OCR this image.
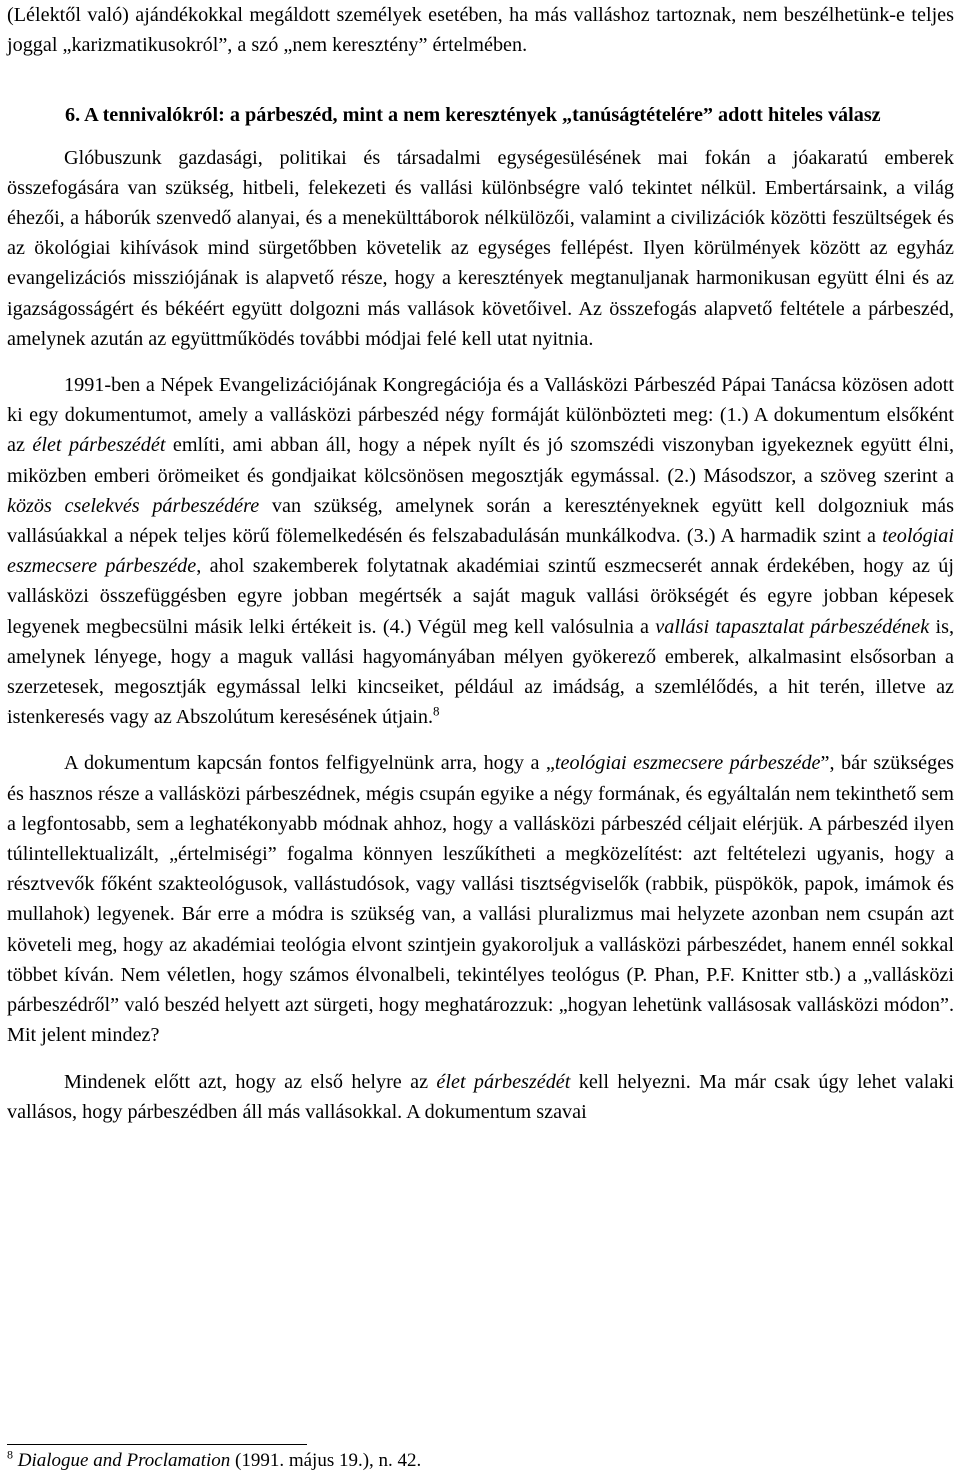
(Lélektől való) ajándékokkal megáldott személyek esetében, ha más valláshoz tartoznak, nem beszélhetünk-e teljes joggal „karizmatikusokról”, a szó „nem keresztény” értelmében.

6. A tennivalókról: a párbeszéd, mint a nem keresztények „tanúságtételére” adott hiteles válasz

Glóbuszunk gazdasági, politikai és társadalmi egységesülésének mai fokán a jóakaratú emberek összefogására van szükség, hitbeli, felekezeti és vallási különbségre való tekintet nélkül. Embertársaink, a világ éhezői, a háborúk szenvedő alanyai, és a menekülttáborok nélkülözői, valamint a civilizációk közötti feszültségek és az ökológiai kihívások mind sürgetőbben követelik az egységes fellépést. Ilyen körülmények között az egyház evangelizációs missziójának is alapvető része, hogy a keresztények megtanuljanak harmonikusan együtt élni és az igazságosságért és békéért együtt dolgozni más vallások követőivel. Az összefogás alapvető feltétele a párbeszéd, amelynek azután az együttműködés további módjai felé kell utat nyitnia.

1991-ben a Népek Evangelizációjának Kongregációja és a Vallásközi Párbeszéd Pápai Tanácsa közösen adott ki egy dokumentumot, amely a vallásközi párbeszéd négy formáját különbözteti meg: (1.) A dokumentum elsőként az élet párbeszédét említi, ami abban áll, hogy a népek nyílt és jó szomszédi viszonyban igyekeznek együtt élni, miközben emberi örömeiket és gondjaikat kölcsönösen megosztják egymással. (2.) Másodszor, a szöveg szerint a közös cselekvés párbeszédére van szükség, amelynek során a keresztényeknek együtt kell dolgozniuk más vallásúakkal a népek teljes körű fölemelkedésén és felszabadulásán munkálkodva. (3.) A harmadik szint a teológiai eszmecsere párbeszéde, ahol szakemberek folytatnak akadémiai szintű eszmecserét annak érdekében, hogy az új vallásközi összefüggésben egyre jobban megértsék a saját maguk vallási örökségét és egyre jobban képesek legyenek megbecsülni másik lelki értékeit is. (4.) Végül meg kell valósulnia a vallási tapasztalat párbeszédének is, amelynek lényege, hogy a maguk vallási hagyományában mélyen gyökerező emberek, alkalmasint elsősorban a szerzetesek, megosztják egymással lelki kincseiket, például az imádság, a szemlélődés, a hit terén, illetve az istenkeresés vagy az Abszolútum keresésének útjain.$^8$

A dokumentum kapcsán fontos felfigyelnünk arra, hogy a „teológiai eszmecsere párbeszéde”, bár szükséges és hasznos része a vallásközi párbeszédnek, mégis csupán egyike a négy formának, és egyáltalán nem tekinthető sem a legfontosabb, sem a leghatékonyabb módnak ahhoz, hogy a vallásközi párbeszéd céljait elérjük. A párbeszéd ilyen túlintellektualizált, „értelmiségi” fogalma könnyen leszűkítheti a megközelítést: azt feltételezi ugyanis, hogy a résztvevők főként szakteológusok, vallástudósok, vagy vallási tisztségviselők (rabbik, püspökök, papok, imámok és mullahok) legyenek. Bár erre a módra is szükség van, a vallási pluralizmus mai helyzete azonban nem csupán azt követeli meg, hogy az akadémiai teológia elvont szintjein gyakoroljuk a vallásközi párbeszédet, hanem ennél sokkal többet kíván. Nem véletlen, hogy számos élvonalbeli, tekintélyes teológus (P. Phan, P.F. Knitter stb.) a „vallásközi párbeszédről” való beszéd helyett azt sürgeti, hogy meghatározzuk: „hogyan lehetünk vallásosak vallásközi módon”. Mit jelent mindez?

Mindenek előtt azt, hogy az első helyre az élet párbeszédét kell helyezni. Ma már csak úgy lehet valaki vallásos, hogy párbeszédben áll más vallásokkal. A dokumentum szavai

$^8$ Dialogue and Proclamation (1991. május 19.), n. 42.
